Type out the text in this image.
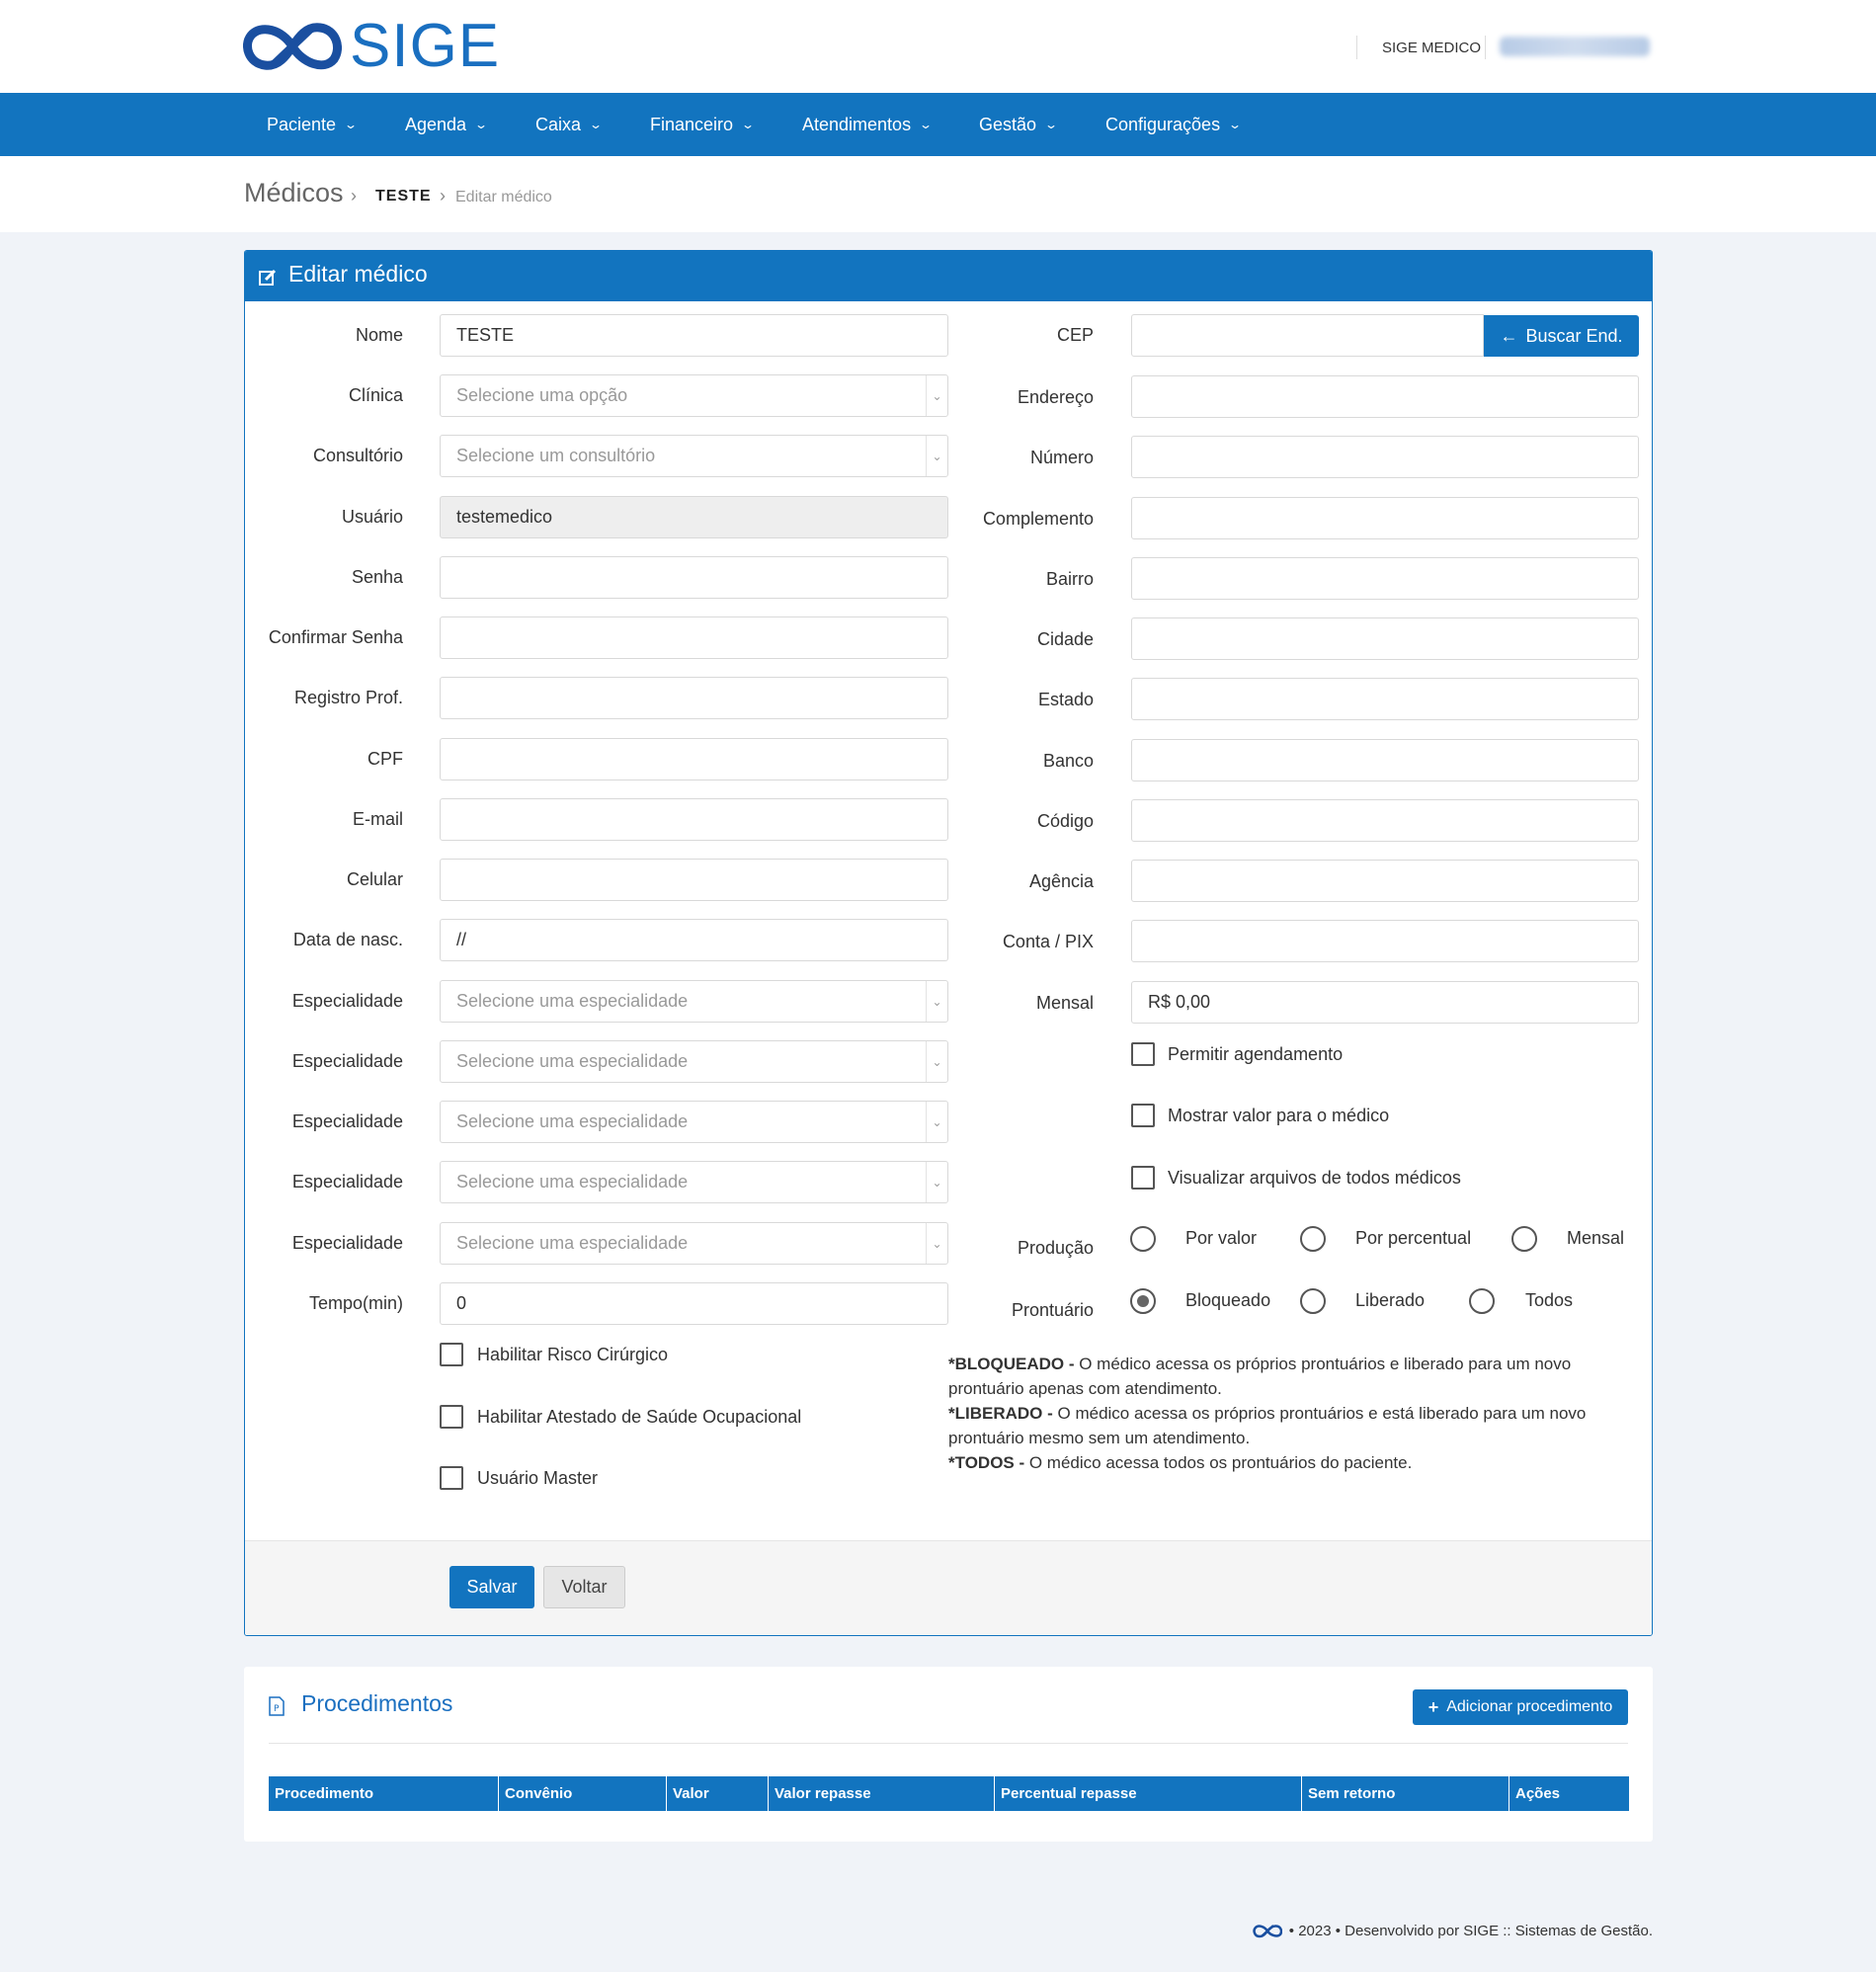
SIGE	SIGE MEDICO
Paciente ⌄	Agenda ⌄	Caixa ⌄	Financeiro ⌄	Atendimentos ⌄	Gestão ⌄	Configurações ⌄
Médicos › TESTE › Editar médico
Editar médico
Nome	TESTE
Clínica	Selecione uma opção	⌄
Consultório	Selecione um consultório	⌄
Usuário	testemedico
Senha
Confirmar Senha
Registro Prof.
CPF
E-mail
Celular
Data de nasc.	//
Especialidade	Selecione uma especialidade	⌄
Especialidade	Selecione uma especialidade	⌄
Especialidade	Selecione uma especialidade	⌄
Especialidade	Selecione uma especialidade	⌄
Especialidade	Selecione uma especialidade	⌄
Tempo(min)	0
Habilitar Risco Cirúrgico
Habilitar Atestado de Saúde Ocupacional
Usuário Master
CEP	← Buscar End.
Endereço
Número
Complemento
Bairro
Cidade
Estado
Banco
Código
Agência
Conta / PIX
Mensal	R$ 0,00
Permitir agendamento
Mostrar valor para o médico
Visualizar arquivos de todos médicos
Produção	Por valor	Por percentual	Mensal
Prontuário	Bloqueado	Liberado	Todos
*BLOQUEADO - O médico acessa os próprios prontuários e liberado para um novo prontuário apenas com atendimento.
*LIBERADO - O médico acessa os próprios prontuários e está liberado para um novo prontuário mesmo sem um atendimento.
*TODOS - O médico acessa todos os prontuários do paciente.
Salvar	Voltar
P Procedimentos	+ Adicionar procedimento
Procedimento	Convênio	Valor	Valor repasse	Percentual repasse	Sem retorno	Ações
• 2023 • Desenvolvido por SIGE :: Sistemas de Gestão.
